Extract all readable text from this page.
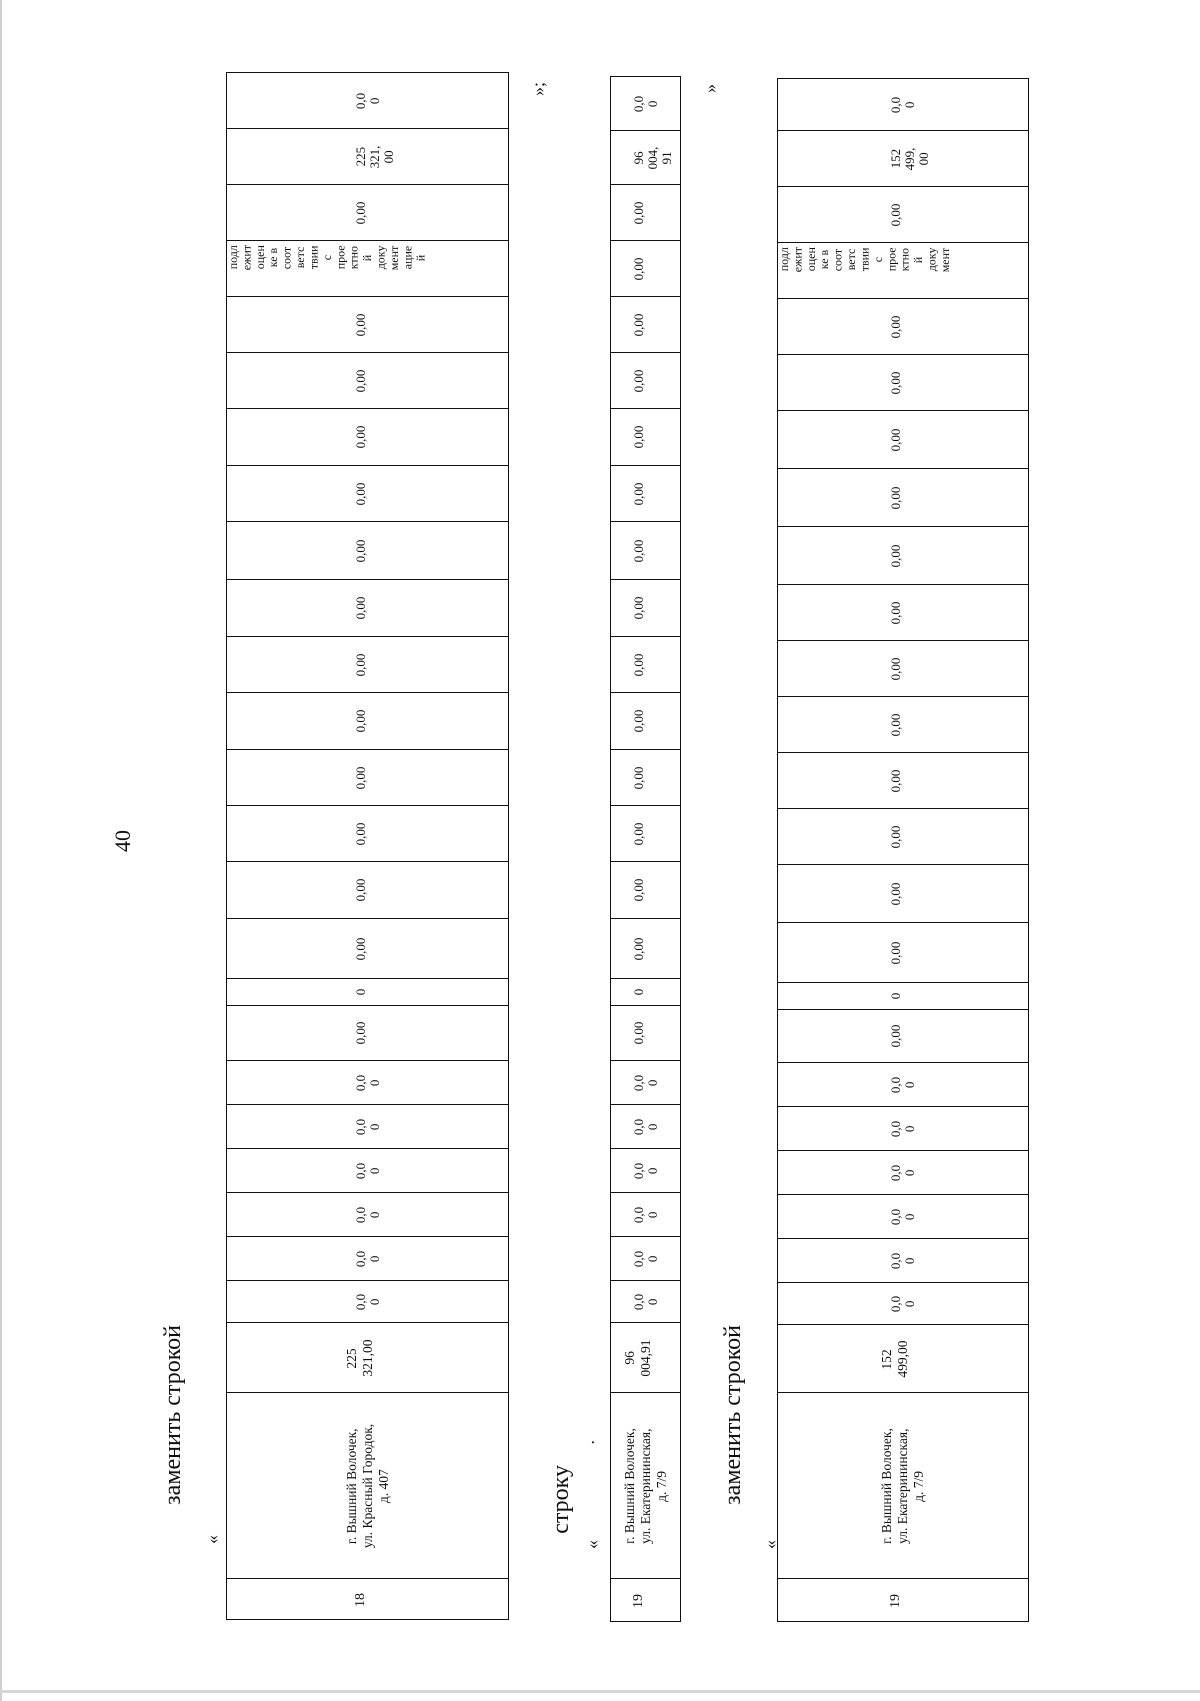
40
заменить строкой
«
»;
строку
.
«
»
заменить строкой
«
0,0
0
225
321,
00
0,00
подл
ежит
оцен
ке в
соот
ветс
твии
с
прое
ктно
й
доку
мент
ацие
й
0,00
0,00
0,00
0,00
0,00
0,00
0,00
0,00
0,00
0,00
0,00
0,00
0
0,00
0,0
0
0,0
0
0,0
0
0,0
0
0,0
0
0,0
0
225
321,00
г. Вышний Волочек,
ул. Красный Городок,
д. 407
18
0,0
0
96
004,
91
0,00
0,00
0,00
0,00
0,00
0,00
0,00
0,00
0,00
0,00
0,00
0,00
0,00
0,00
0
0,00
0,0
0
0,0
0
0,0
0
0,0
0
0,0
0
0,0
0
96
004,91
г. Вышний Волочек,
ул. Екатерининская,
д. 7/9
19
0,0
0
152
499,
00
0,00
подл
ежит
оцен
ке в
соот
ветс
твии
с
прое
ктно
й
доку
мент
0,00
0,00
0,00
0,00
0,00
0,00
0,00
0,00
0,00
0,00
0,00
0,00
0
0,00
0,0
0
0,0
0
0,0
0
0,0
0
0,0
0
0,0
0
152
499,00
г. Вышний Волочек,
ул. Екатерининская,
д. 7/9
19
